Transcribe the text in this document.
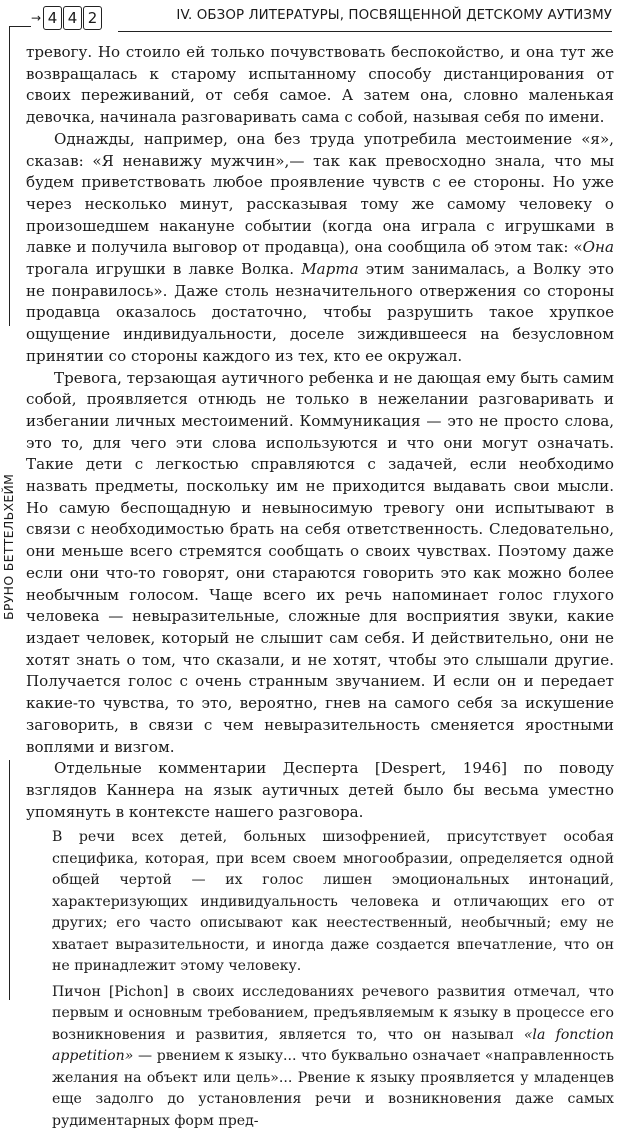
→ 4 4 2	IV. ОБЗОР ЛИТЕРАТУРЫ, ПОСВЯЩЕННОЙ ДЕТСКОМУ АУТИЗМУ
БРУНО БЕТТЕЛЬХЕЙМ

тревогу. Но стоило ей только почувствовать беспокойство, и она тут же возвращалась к старому испытанному способу дистанцирования от своих переживаний, от себя самое. А затем она, словно маленькая девочка, начинала разговаривать сама с собой, называя себя по имени.

Однажды, например, она без труда употребила местоимение «я», сказав: «Я ненавижу мужчин»,— так как превосходно знала, что мы будем приветствовать любое проявление чувств с ее стороны. Но уже через несколько минут, рассказывая тому же самому человеку о произошедшем накануне событии (когда она играла с игрушками в лавке и получила выговор от продавца), она сообщила об этом так: «Она трогала игрушки в лавке Волка. Марта этим занималась, а Волку это не понравилось». Даже столь незначительного отвержения со стороны продавца оказалось достаточно, чтобы разрушить такое хрупкое ощущение индивидуальности, доселе зиждившееся на безусловном принятии со стороны каждого из тех, кто ее окружал.

Тревога, терзающая аутичного ребенка и не дающая ему быть самим собой, проявляется отнюдь не только в нежелании разговаривать и избегании личных местоимений. Коммуникация — это не просто слова, это то, для чего эти слова используются и что они могут означать. Такие дети с легкостью справляются с задачей, если необходимо назвать предметы, поскольку им не приходится выдавать свои мысли. Но самую беспощадную и невыносимую тревогу они испытывают в связи с необходимостью брать на себя ответственность. Следовательно, они меньше всего стремятся сообщать о своих чувствах. Поэтому даже если они что-то говорят, они стараются говорить это как можно более необычным голосом. Чаще всего их речь напоминает голос глухого человека — невыразительные, сложные для восприятия звуки, какие издает человек, который не слышит сам себя. И действительно, они не хотят знать о том, что сказали, и не хотят, чтобы это слышали другие. Получается голос с очень странным звучанием. И если он и передает какие-то чувства, то это, вероятно, гнев на самого себя за искушение заговорить, в связи с чем невыразительность сменяется яростными воплями и визгом.

Отдельные комментарии Десперта [Despert, 1946] по поводу взглядов Каннера на язык аутичных детей было бы весьма уместно упомянуть в контексте нашего разговора.

В речи всех детей, больных шизофренией, присутствует особая специфика, которая, при всем своем многообразии, определяется одной общей чертой — их голос лишен эмоциональных интонаций, характеризующих индивидуальность человека и отличающих его от других; его часто описывают как неестественный, необычный; ему не хватает выразительности, и иногда даже создается впечатление, что он не принадлежит этому человеку.

Пичон [Pichon] в своих исследованиях речевого развития отмечал, что первым и основным требованием, предъявляемым к языку в процессе его возникновения и развития, является то, что он называл «la fonction appetition» — рвением к языку... что буквально означает «направленность желания на объект или цель»... Рвение к языку проявляется у младенцев еще задолго до установления речи и возникновения даже самых рудиментарных форм пред-
